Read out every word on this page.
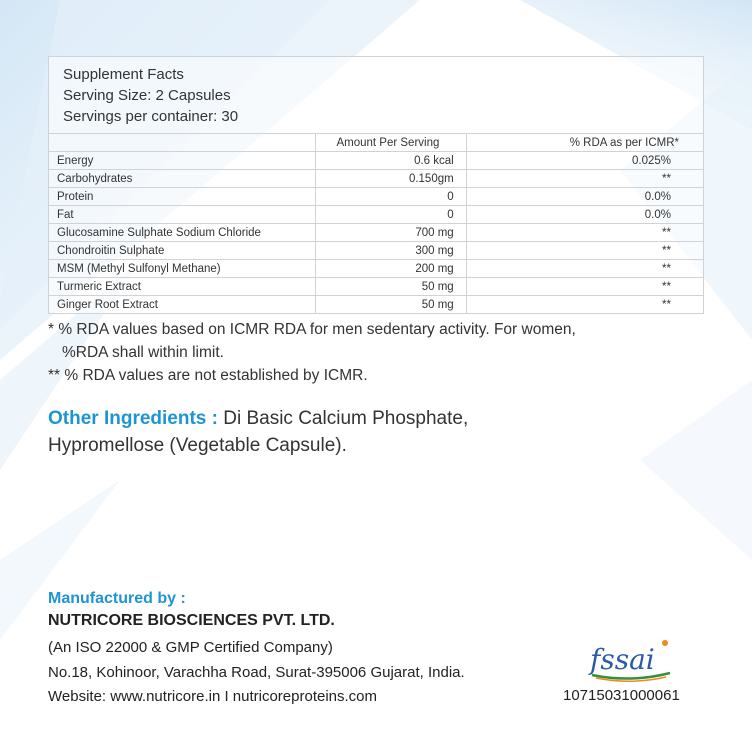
Supplement Facts
Serving Size: 2 Capsules
Servings per container: 30
	Amount Per Serving	% RDA as per ICMR*
Energy	0.6 kcal	0.025%
Carbohydrates	0.150gm	**
Protein	0	0.0%
Fat	0	0.0%
Glucosamine Sulphate Sodium Chloride	700 mg	**
Chondroitin Sulphate	300 mg	**
MSM (Methyl Sulfonyl Methane)	200 mg	**
Turmeric Extract	50 mg	**
Ginger Root Extract	50 mg	**
* % RDA values based on ICMR RDA for men sedentary activity. For women,
%RDA shall within limit.
** % RDA values are not established by ICMR.
Other Ingredients : Di Basic Calcium Phosphate,
Hypromellose (Vegetable Capsule).
Manufactured by :
NUTRICORE BIOSCIENCES PVT. LTD.
(An ISO 22000 & GMP Certified Company)
No.18, Kohinoor, Varachha Road, Surat-395006 Gujarat, India.
Website: www.nutricore.in I nutricoreproteins.com
fssai
10715031000061
